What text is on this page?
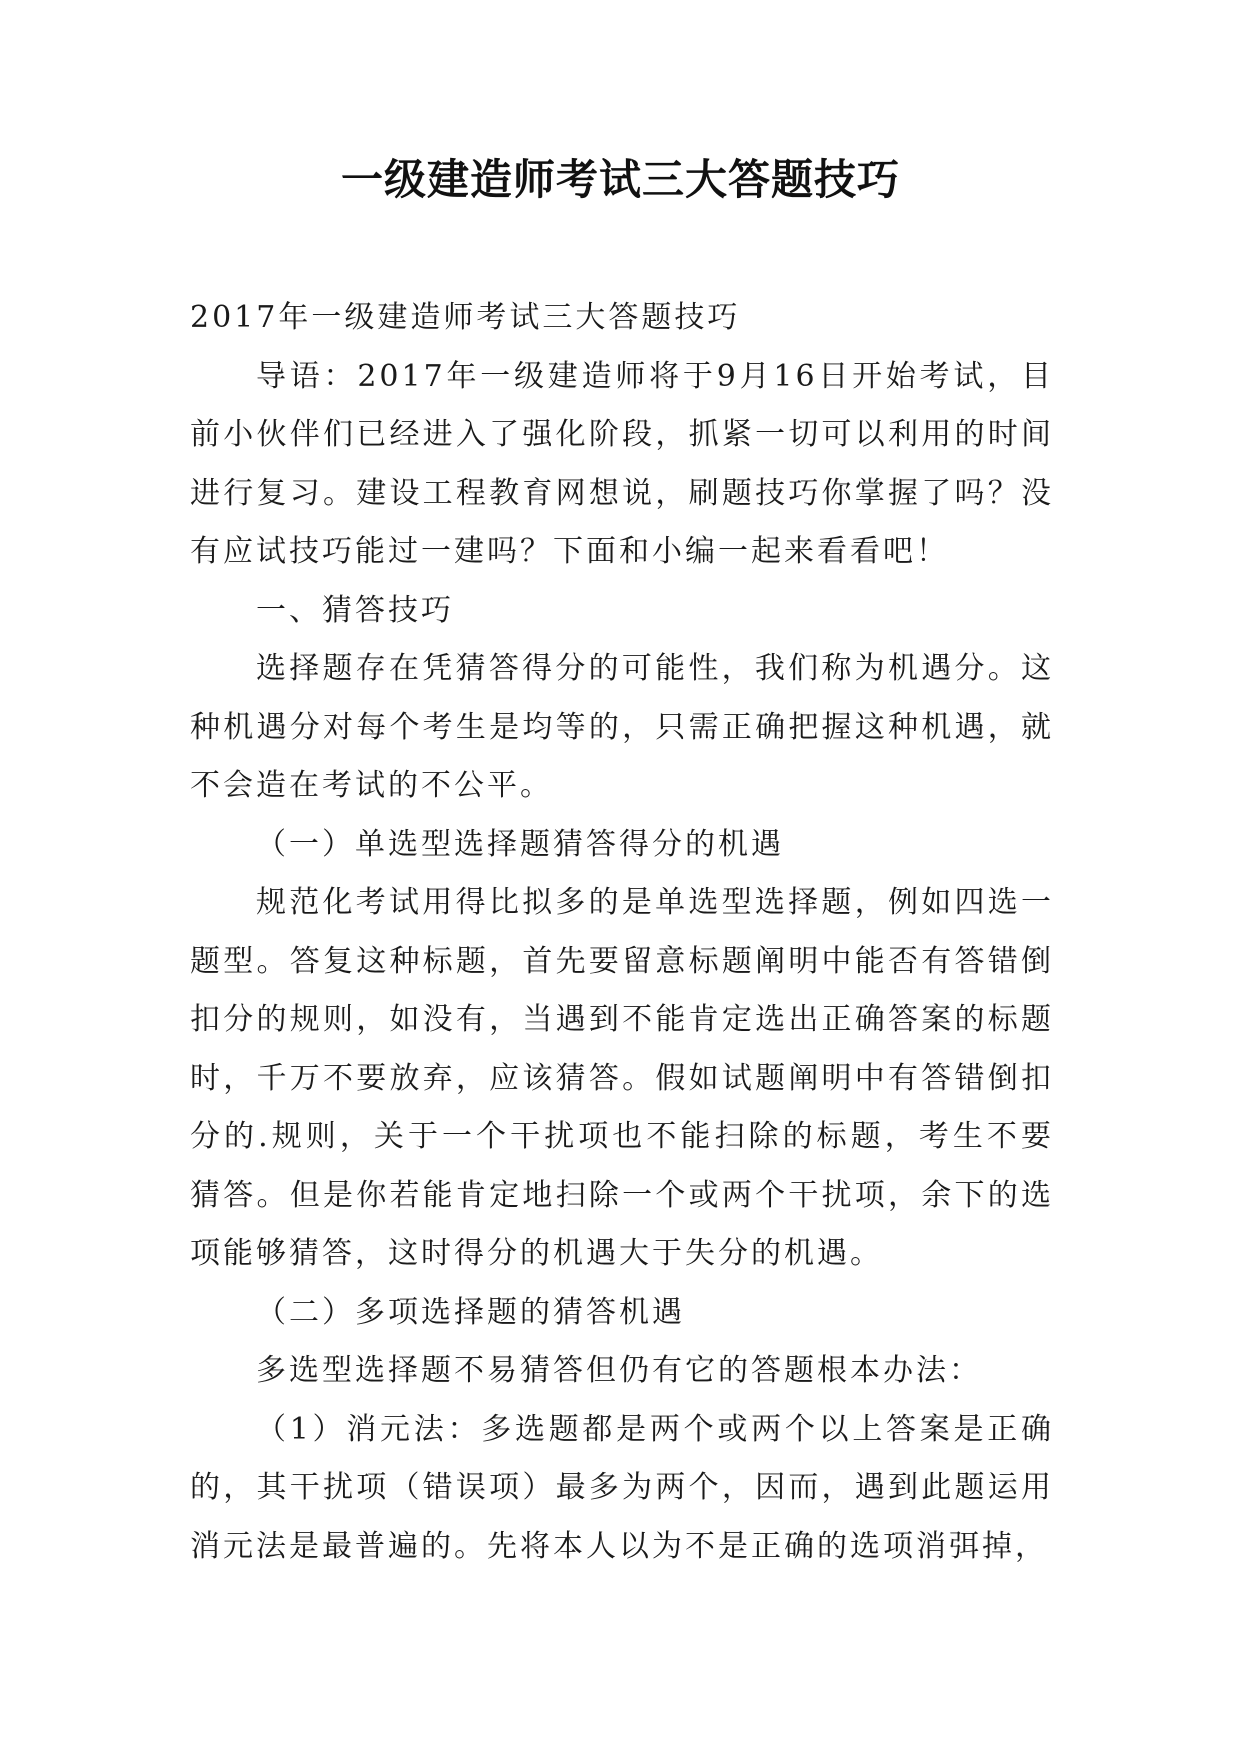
一级建造师考试三大答题技巧

2017年一级建造师考试三大答题技巧

导语：2017年一级建造师将于9月16日开始考试，目前小伙伴们已经进入了强化阶段，抓紧一切可以利用的时间进行复习。建设工程教育网想说，刷题技巧你掌握了吗？没有应试技巧能过一建吗？下面和小编一起来看看吧！

一、猜答技巧

选择题存在凭猜答得分的可能性，我们称为机遇分。这种机遇分对每个考生是均等的，只需正确把握这种机遇，就不会造在考试的不公平。

（一）单选型选择题猜答得分的机遇

规范化考试用得比拟多的是单选型选择题，例如四选一题型。答复这种标题，首先要留意标题阐明中能否有答错倒扣分的规则，如没有，当遇到不能肯定选出正确答案的标题时，千万不要放弃，应该猜答。假如试题阐明中有答错倒扣分的.规则，关于一个干扰项也不能扫除的标题，考生不要猜答。但是你若能肯定地扫除一个或两个干扰项，余下的选项能够猜答，这时得分的机遇大于失分的机遇。

（二）多项选择题的猜答机遇

多选型选择题不易猜答但仍有它的答题根本办法：

（1）消元法：多选题都是两个或两个以上答案是正确的，其干扰项（错误项）最多为两个，因而，遇到此题运用消元法是最普遍的。先将本人以为不是正确的选项消弭掉，
